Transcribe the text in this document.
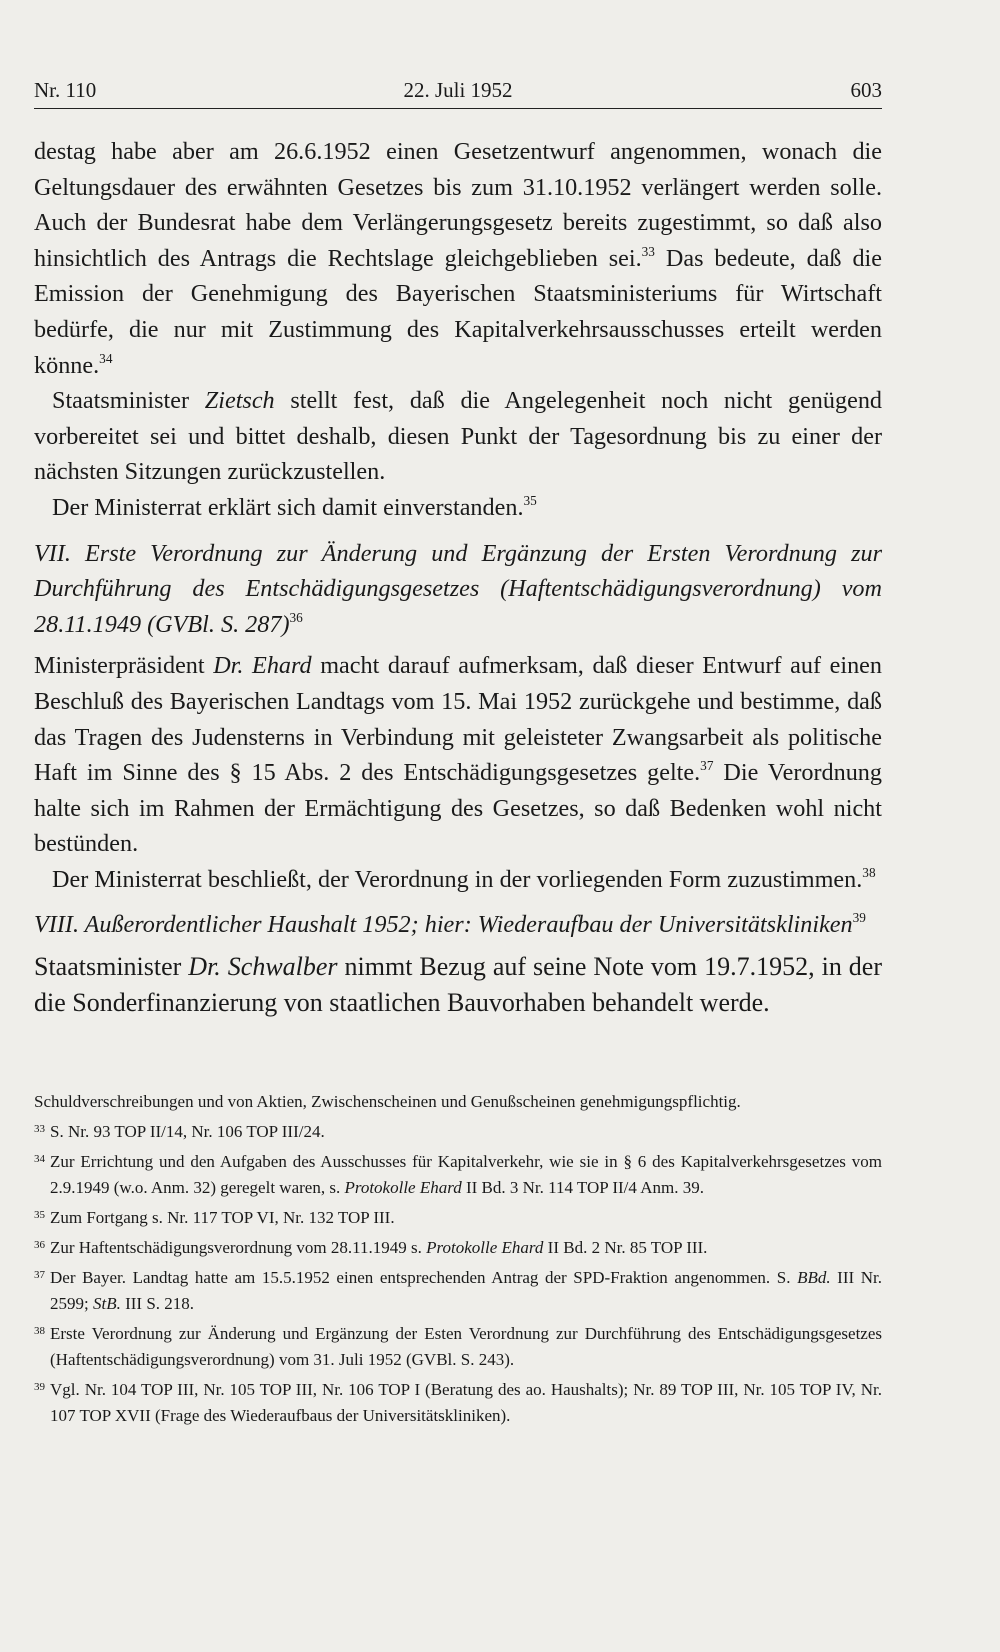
Nr. 110	22. Juli 1952	603

destag habe aber am 26.6.1952 einen Gesetzentwurf angenommen, wonach die Geltungsdauer des erwähnten Gesetzes bis zum 31.10.1952 verlängert werden solle. Auch der Bundesrat habe dem Verlängerungsgesetz bereits zugestimmt, so daß also hinsichtlich des Antrags die Rechtslage gleichgeblieben sei.$^{33}$ Das bedeute, daß die Emission der Genehmigung des Bayerischen Staatsministeriums für Wirtschaft bedürfe, die nur mit Zustimmung des Kapitalverkehrsausschusses erteilt werden könne.$^{34}$

Staatsminister Zietsch stellt fest, daß die Angelegenheit noch nicht genügend vorbereitet sei und bittet deshalb, diesen Punkt der Tagesordnung bis zu einer der nächsten Sitzungen zurückzustellen.

Der Ministerrat erklärt sich damit einverstanden.$^{35}$

VII. Erste Verordnung zur Änderung und Ergänzung der Ersten Verordnung zur Durchführung des Entschädigungsgesetzes (Haftentschädigungsverordnung) vom 28.11.1949 (GVBl. S. 287)$^{36}$

Ministerpräsident Dr. Ehard macht darauf aufmerksam, daß dieser Entwurf auf einen Beschluß des Bayerischen Landtags vom 15. Mai 1952 zurückgehe und bestimme, daß das Tragen des Judensterns in Verbindung mit geleisteter Zwangsarbeit als politische Haft im Sinne des § 15 Abs. 2 des Entschädigungsgesetzes gelte.$^{37}$ Die Verordnung halte sich im Rahmen der Ermächtigung des Gesetzes, so daß Bedenken wohl nicht bestünden.

Der Ministerrat beschließt, der Verordnung in der vorliegenden Form zuzustimmen.$^{38}$

VIII. Außerordentlicher Haushalt 1952; hier: Wiederaufbau der Universitätskliniken$^{39}$

Staatsminister Dr. Schwalber nimmt Bezug auf seine Note vom 19.7.1952, in der die Sonderfinanzierung von staatlichen Bauvorhaben behandelt werde.

Schuldverschreibungen und von Aktien, Zwischenscheinen und Genußscheinen genehmigungspflichtig.

33 S. Nr. 93 TOP II/14, Nr. 106 TOP III/24.

34 Zur Errichtung und den Aufgaben des Ausschusses für Kapitalverkehr, wie sie in § 6 des Kapitalverkehrsgesetzes vom 2.9.1949 (w.o. Anm. 32) geregelt waren, s. Protokolle Ehard II Bd. 3 Nr. 114 TOP II/4 Anm. 39.

35 Zum Fortgang s. Nr. 117 TOP VI, Nr. 132 TOP III.

36 Zur Haftentschädigungsverordnung vom 28.11.1949 s. Protokolle Ehard II Bd. 2 Nr. 85 TOP III.

37 Der Bayer. Landtag hatte am 15.5.1952 einen entsprechenden Antrag der SPD-Fraktion angenommen. S. BBd. III Nr. 2599; StB. III S. 218.

38 Erste Verordnung zur Änderung und Ergänzung der Esten Verordnung zur Durchführung des Entschädigungsgesetzes (Haftentschädigungsverordnung) vom 31. Juli 1952 (GVBl. S. 243).

39 Vgl. Nr. 104 TOP III, Nr. 105 TOP III, Nr. 106 TOP I (Beratung des ao. Haushalts); Nr. 89 TOP III, Nr. 105 TOP IV, Nr. 107 TOP XVII (Frage des Wiederaufbaus der Universitätskliniken).
